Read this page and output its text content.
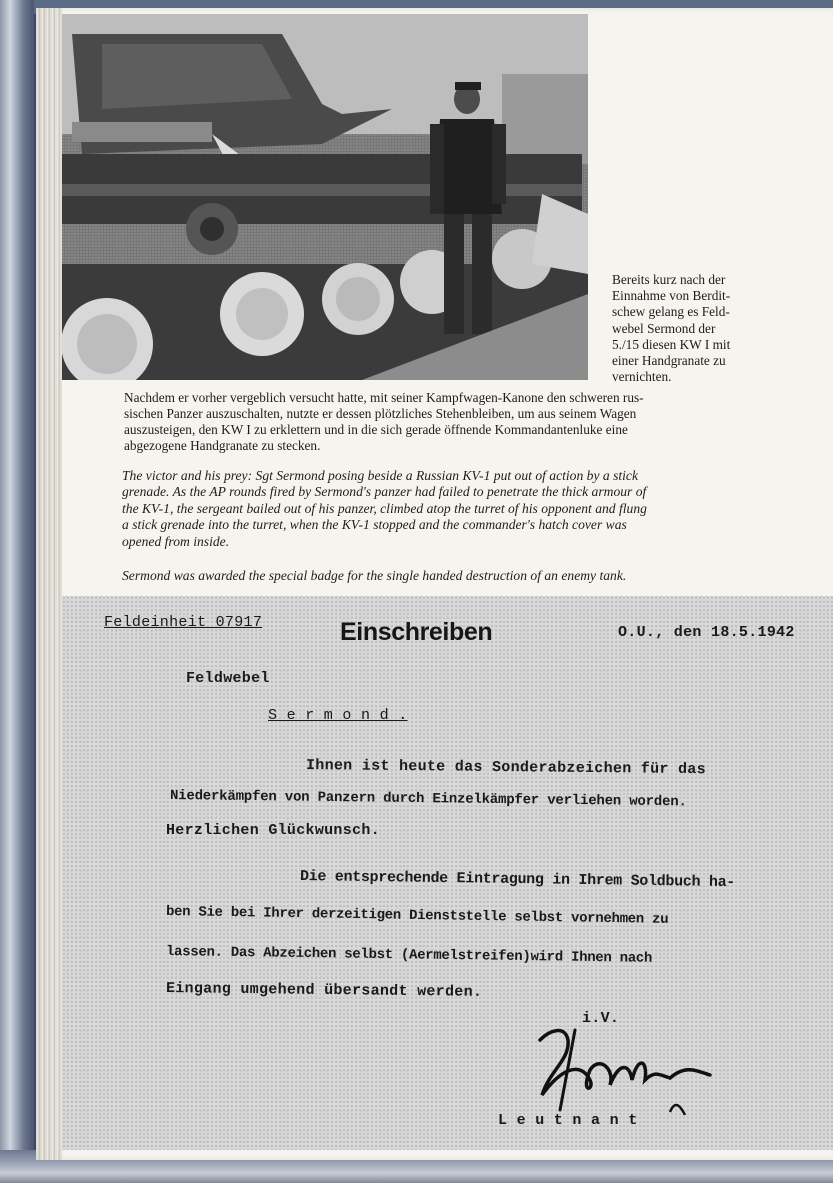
Bereits kurz nach der
Einnahme von Berdit-
schew gelang es Feld-
webel Sermond der
5./15 diesen KW I mit
einer Handgranate zu
vernichten.
Nachdem er vorher vergeblich versucht hatte, mit seiner Kampfwagen-Kanone den schweren rus-
sischen Panzer auszuschalten, nutzte er dessen plötzliches Stehenbleiben, um aus seinem Wagen
auszusteigen, den KW I zu erklettern und in die sich gerade öffnende Kommandantenluke eine
abgezogene Handgranate zu stecken.
The victor and his prey: Sgt Sermond posing beside a Russian KV-1 put out of action by a stick
grenade. As the AP rounds fired by Sermond's panzer had failed to penetrate the thick armour of
the KV-1, the sergeant bailed out of his panzer, climbed atop the turret of his opponent and flung
a stick grenade into the turret, when the KV-1 stopped and the commander's hatch cover was
opened from inside.
Sermond was awarded the special badge for the single handed destruction of an enemy tank.
Feldeinheit 07917	Einschreiben	O.U., den 18.5.1942
Feldwebel
S e r m o n d .
Ihnen ist heute das Sonderabzeichen für das
Niederkämpfen von Panzern durch Einzelkämpfer verliehen worden.
Herzlichen Glückwunsch.
Die entsprechende Eintragung in Ihrem Soldbuch ha-
ben Sie bei Ihrer derzeitigen Dienststelle selbst vornehmen zu
lassen. Das Abzeichen selbst (Aermelstreifen)wird Ihnen nach
Eingang umgehend übersandt werden.
i.V.
L e u t n a n t
